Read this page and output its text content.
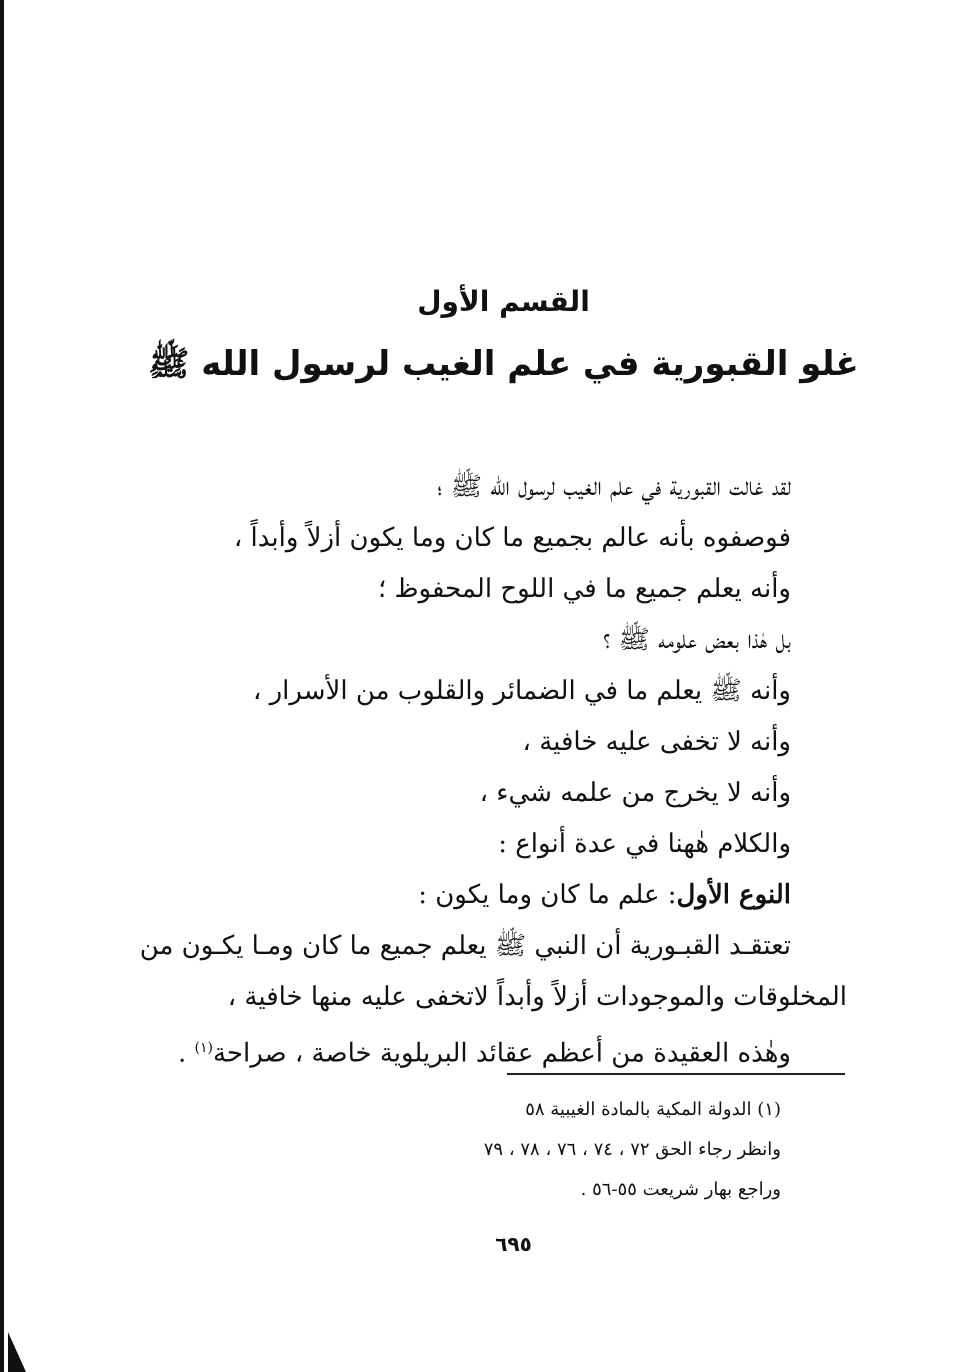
القسم الأول
غلو القبورية في علم الغيب لرسول الله ﷺ
لقد غالت القبورية في علم الغيب لرسول الله ﷺ ؛
فوصفوه بأنه عالم بجميع ما كان وما يكون أزلاً وأبداً ،
وأنه يعلم جميع ما في اللوح المحفوظ ؛
بل هٰذا بعض علومه ﷺ ؟
وأنه ﷺ يعلم ما في الضمائر والقلوب من الأسرار ،
وأنه لا تخفى عليه خافية ،
وأنه لا يخرج من علمه شيء ،
والكلام هٰهنا في عدة أنواع :
النوع الأول: علم ما كان وما يكون :
تعتقـد القبـورية أن النبي ﷺ يعلم جميع ما كان ومـا يكـون من
المخلوقات والموجودات أزلاً وأبداً لاتخفى عليه منها خافية ،
وهٰذه العقيدة من أعظم عقائد البريلوية خاصة ، صراحة$^{(١)}$ .
(١) الدولة المكية بالمادة الغيبية ٥٨
وانظر رجاء الحق ٧٢ ، ٧٤ ، ٧٦ ، ٧٨ ، ٧٩
وراجع بهار شريعت ٥٥-٥٦ .
٦٩٥
